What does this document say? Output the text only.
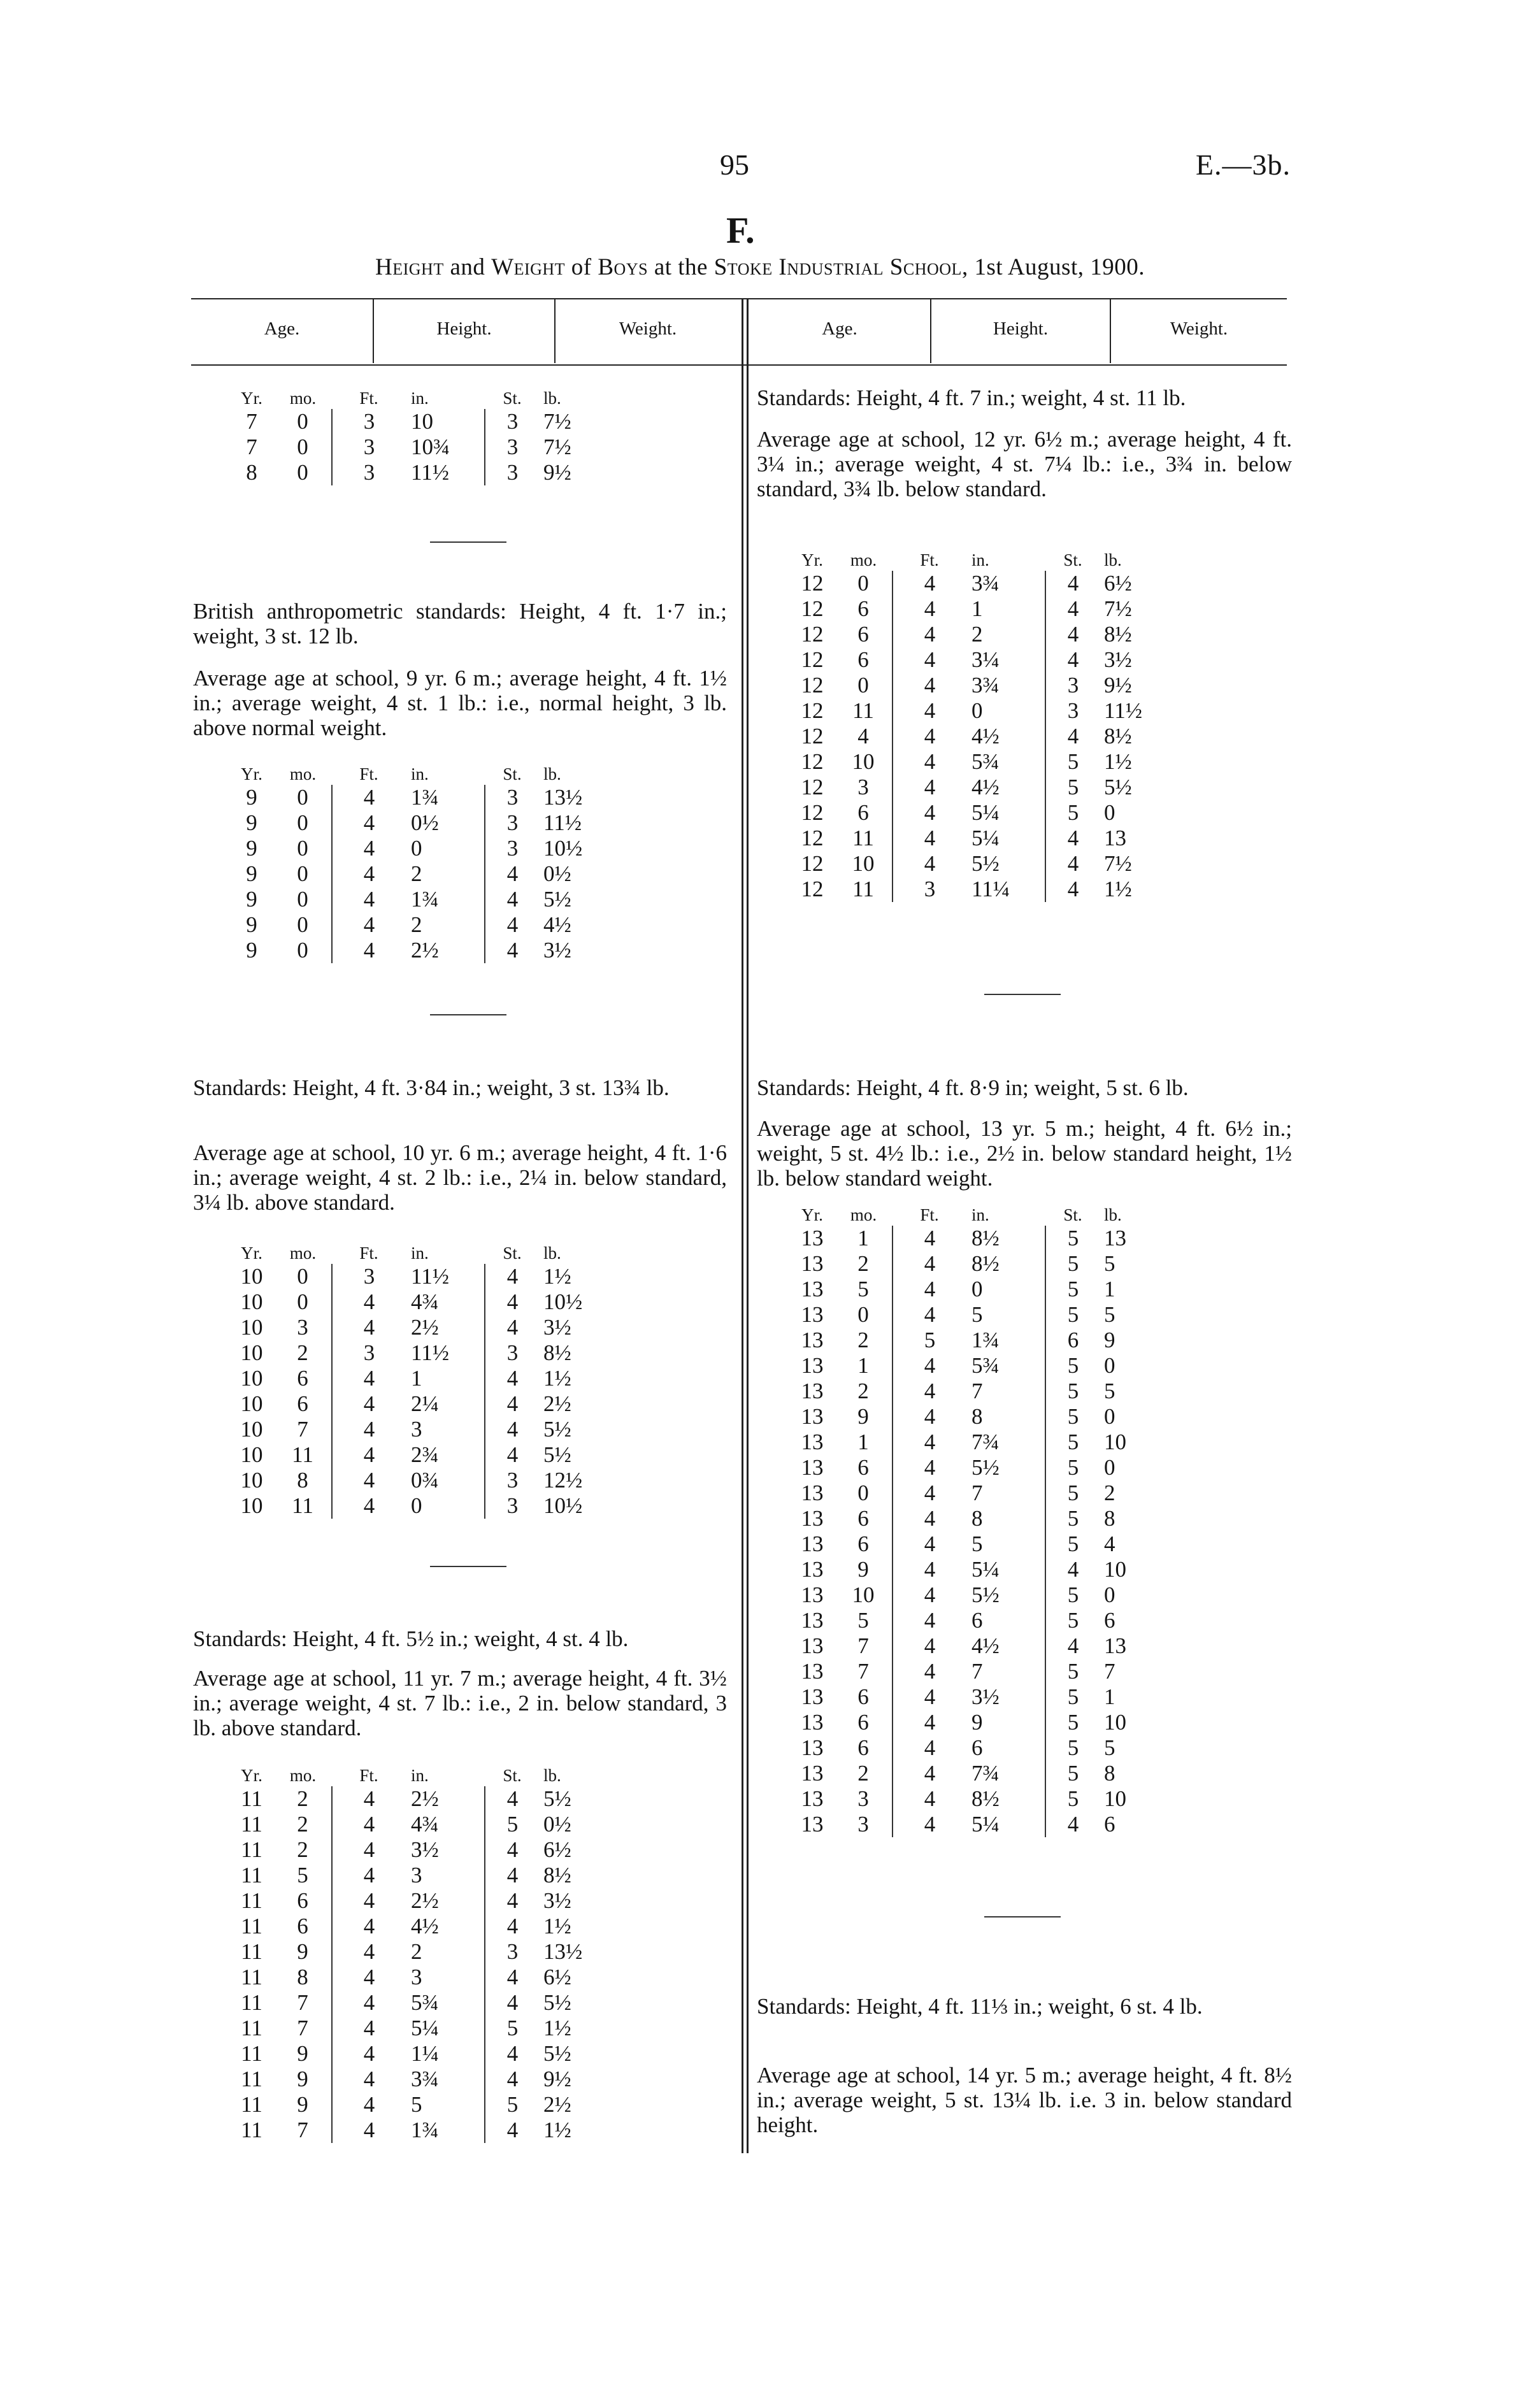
95	E.—3b.
F.
Height and Weight of Boys at the Stoke Industrial School, 1st August, 1900.
Age.	Height.	Weight.	Age.	Height.	Weight.
Yr.	mo.	Ft.	in.	St.	lb.
7	0	3	10	3	7½
7	0	3	10¾	3	7½
8	0	3	11½	3	9½
British anthropometric standards: Height, 4 ft. 1·7 in.; weight, 3 st. 12 lb.
Average age at school, 9 yr. 6 m.; average height, 4 ft. 1½ in.; average weight, 4 st. 1 lb.: i.e., normal height, 3 lb. above normal weight.
Yr.	mo.	Ft.	in.	St.	lb.
9	0	4	1¾	3	13½
9	0	4	0½	3	11½
9	0	4	0	3	10½
9	0	4	2	4	0½
9	0	4	1¾	4	5½
9	0	4	2	4	4½
9	0	4	2½	4	3½
Standards: Height, 4 ft. 3·84 in.; weight, 3 st. 13¾ lb.
Average age at school, 10 yr. 6 m.; average height, 4 ft. 1·6 in.; average weight, 4 st. 2 lb.: i.e., 2¼ in. below standard, 3¼ lb. above standard.
Yr.	mo.	Ft.	in.	St.	lb.
10	0	3	11½	4	1½
10	0	4	4¾	4	10½
10	3	4	2½	4	3½
10	2	3	11½	3	8½
10	6	4	1	4	1½
10	6	4	2¼	4	2½
10	7	4	3	4	5½
10	11	4	2¾	4	5½
10	8	4	0¾	3	12½
10	11	4	0	3	10½
Standards: Height, 4 ft. 5½ in.; weight, 4 st. 4 lb.
Average age at school, 11 yr. 7 m.; average height, 4 ft. 3½ in.; average weight, 4 st. 7 lb.: i.e., 2 in. below standard, 3 lb. above standard.
Yr.	mo.	Ft.	in.	St.	lb.
11	2	4	2½	4	5½
11	2	4	4¾	5	0½
11	2	4	3½	4	6½
11	5	4	3	4	8½
11	6	4	2½	4	3½
11	6	4	4½	4	1½
11	9	4	2	3	13½
11	8	4	3	4	6½
11	7	4	5¾	4	5½
11	7	4	5¼	5	1½
11	9	4	1¼	4	5½
11	9	4	3¾	4	9½
11	9	4	5	5	2½
11	7	4	1¾	4	1½
Standards: Height, 4 ft. 7 in.; weight, 4 st. 11 lb.
Average age at school, 12 yr. 6½ m.; average height, 4 ft. 3¼ in.; average weight, 4 st. 7¼ lb.: i.e., 3¾ in. below standard, 3¾ lb. below standard.
Yr.	mo.	Ft.	in.	St.	lb.
12	0	4	3¾	4	6½
12	6	4	1	4	7½
12	6	4	2	4	8½
12	6	4	3¼	4	3½
12	0	4	3¾	3	9½
12	11	4	0	3	11½
12	4	4	4½	4	8½
12	10	4	5¾	5	1½
12	3	4	4½	5	5½
12	6	4	5¼	5	0
12	11	4	5¼	4	13
12	10	4	5½	4	7½
12	11	3	11¼	4	1½
Standards: Height, 4 ft. 8·9 in; weight, 5 st. 6 lb.
Average age at school, 13 yr. 5 m.; height, 4 ft. 6½ in.; weight, 5 st. 4½ lb.: i.e., 2½ in. below standard height, 1½ lb. below standard weight.
Yr.	mo.	Ft.	in.	St.	lb.
13	1	4	8½	5	13
13	2	4	8½	5	5
13	5	4	0	5	1
13	0	4	5	5	5
13	2	5	1¾	6	9
13	1	4	5¾	5	0
13	2	4	7	5	5
13	9	4	8	5	0
13	1	4	7¾	5	10
13	6	4	5½	5	0
13	0	4	7	5	2
13	6	4	8	5	8
13	6	4	5	5	4
13	9	4	5¼	4	10
13	10	4	5½	5	0
13	5	4	6	5	6
13	7	4	4½	4	13
13	7	4	7	5	7
13	6	4	3½	5	1
13	6	4	9	5	10
13	6	4	6	5	5
13	2	4	7¾	5	8
13	3	4	8½	5	10
13	3	4	5¼	4	6
Standards: Height, 4 ft. 11⅓ in.; weight, 6 st. 4 lb.
Average age at school, 14 yr. 5 m.; average height, 4 ft. 8½ in.; average weight, 5 st. 13¼ lb. i.e. 3 in. below standard height.
